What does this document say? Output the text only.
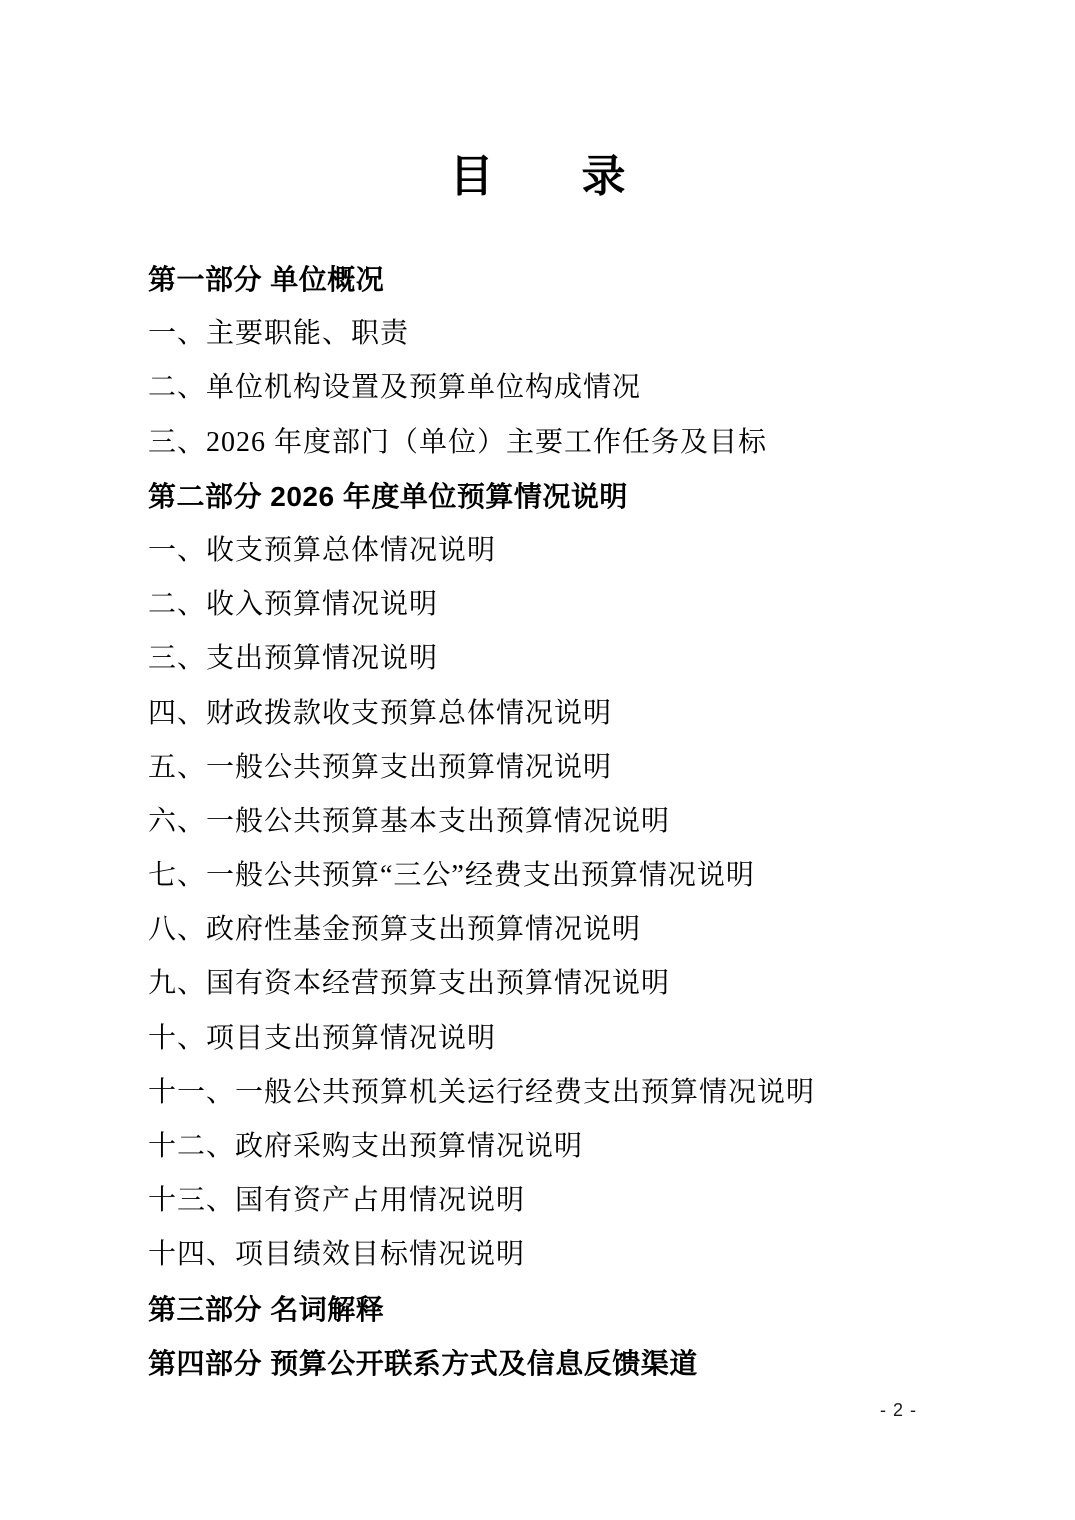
目　　录
第一部分 单位概况
一、主要职能、职责
二、单位机构设置及预算单位构成情况
三、2026 年度部门（单位）主要工作任务及目标
第二部分 2026 年度单位预算情况说明
一、收支预算总体情况说明
二、收入预算情况说明
三、支出预算情况说明
四、财政拨款收支预算总体情况说明
五、一般公共预算支出预算情况说明
六、一般公共预算基本支出预算情况说明
七、一般公共预算“三公”经费支出预算情况说明
八、政府性基金预算支出预算情况说明
九、国有资本经营预算支出预算情况说明
十、项目支出预算情况说明
十一、一般公共预算机关运行经费支出预算情况说明
十二、政府采购支出预算情况说明
十三、国有资产占用情况说明
十四、项目绩效目标情况说明
第三部分 名词解释
第四部分 预算公开联系方式及信息反馈渠道
- 2 -
